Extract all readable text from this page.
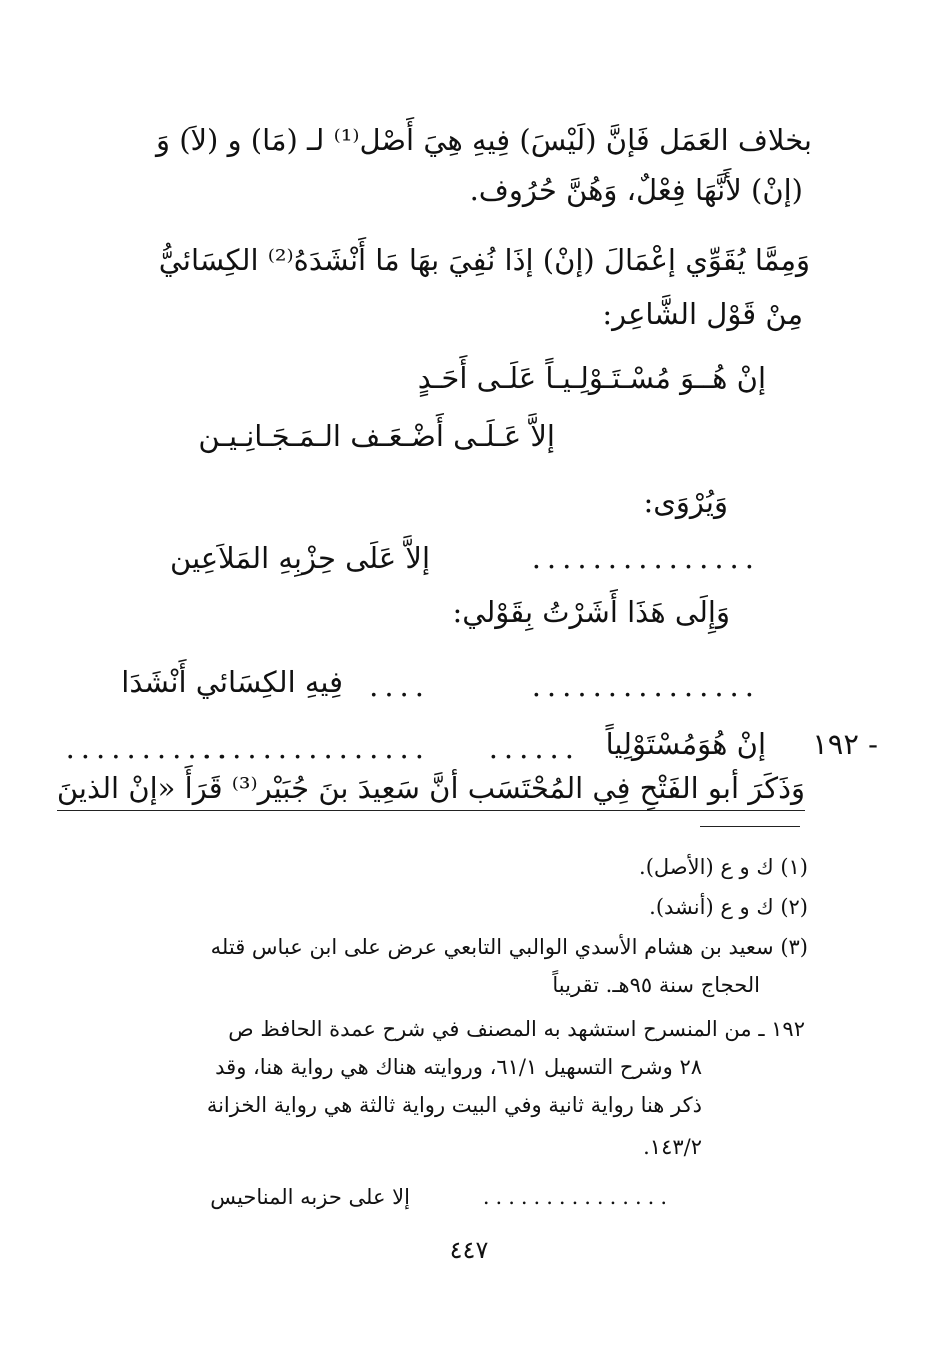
بخلاف العَمَل فَإنَّ (لَيْسَ) فِيهِ هِيَ أَصْل⁽¹⁾ لـ (مَا) و (لاَ) وَ
(إنْ) لأَنَّهَا فِعْلٌ، وَهُنَّ حُرُوف.
وَمِمَّا يُقَوِّي إعْمَالَ (إنْ) إذَا نُفِيَ بهَا مَا أَنْشَدَهُ⁽²⁾ الكِسَائيُّ
مِنْ قَوْل الشَّاعِر:
إنْ هُــوَ مُسْـتَـوْلِـيـاً عَلَـى أَحَـدٍ
إلاَّ عَـلَـى أَضْـعَـف الـمَـجَـانِـيـن
وَيُرْوَى:
...............
إلاَّ عَلَى حِزْبِهِ المَلاَعِين
وَإِلَى هَذَا أَشَرْتُ بِقَوْلي:
...............
....
فِيهِ الكِسَائي أَنْشَدَا
- ١٩٢
إنْ هُوَمُسْتَوْلِياً
......
...............
...........
وَذَكَرَ أبو الفَتْحِ فِي المُحْتَسَب أنَّ سَعِيدَ بنَ جُبَيْر⁽³⁾ قَرَأَ «إنْ الذينَ
(١) ك و ع (الأصل).
(٢) ك و ع (أنشد).
(٣) سعيد بن هشام الأسدي الوالبي التابعي عرض على ابن عباس قتله
الحجاج سنة ٩٥هـ. تقريباً
١٩٢ ـ من المنسرح استشهد به المصنف في شرح عمدة الحافظ ص
٢٨ وشرح التسهيل ٦١/١، وروايته هناك هي رواية هنا، وقد
ذكر هنا رواية ثانية وفي البيت رواية ثالثة هي رواية الخزانة
١٤٣/٢.
...............
إلا على حزبه المناحيس
٤٤٧
